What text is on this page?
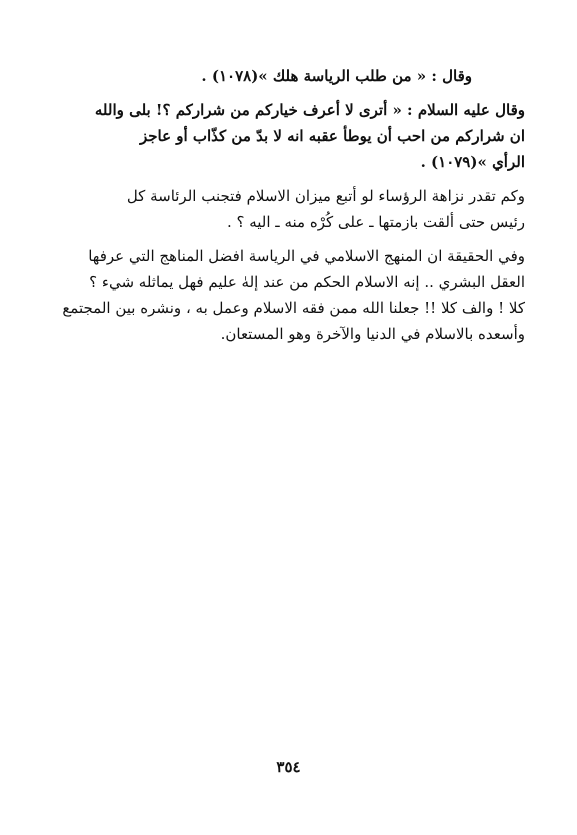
وقال : « من طلب الرياسة هلك »(١٠٧٨) .
وقال عليه السلام : « أترى لا أعرف خياركم من شراركم ؟! بلى والله
ان شراركم من احب أن يوطأ عقبه انه لا بدّ من كذّاب أو عاجز
الرأي »(١٠٧٩) .
وكم تقدر نزاهة الرؤساء لو أتبع ميزان الاسلام فتجنب الرئاسة كل
رئيس حتى ألقت بازمتها ـ على كُرْه منه ـ اليه ؟ .
وفي الحقيقة ان المنهج الاسلامي في الرياسة افضل المناهج التي عرفها
العقل البشري .. إنه الاسلام الحكم من عند إلهٰ عليم فهل يماثله شيء ؟
كلا ! والف كلا !! جعلنا الله ممن فقه الاسلام وعمل به ، ونشره بين المجتمع
وأسعده بالاسلام في الدنيا والآخرة وهو المستعان.
٣٥٤
